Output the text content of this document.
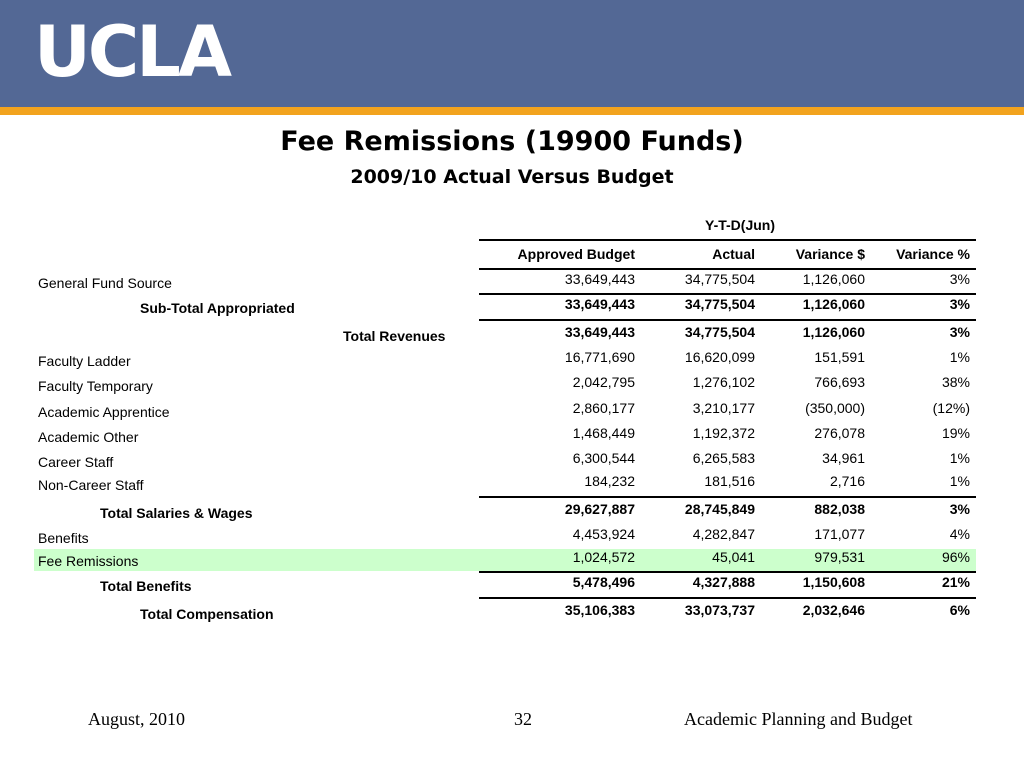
UCLA
Fee Remissions (19900 Funds)
2009/10 Actual Versus Budget
Y-T-D(Jun)
Approved Budget	Actual	Variance $ Variance %
General Fund Source	33,649,443	34,775,504	1,126,060	3%
Sub-Total Appropriated	33,649,443	34,775,504	1,126,060	3%
Total Revenues	33,649,443	34,775,504	1,126,060	3%
Faculty Ladder	16,771,690	16,620,099	151,591	1%
Faculty Temporary	2,042,795	1,276,102	766,693	38%
Academic Apprentice	2,860,177	3,210,177	(350,000)	(12%)
Academic Other	1,468,449	1,192,372	276,078	19%
Career Staff	6,300,544	6,265,583	34,961	1%
Non-Career Staff	184,232	181,516	2,716	1%
Total Salaries & Wages	29,627,887	28,745,849	882,038	3%
Benefits	4,453,924	4,282,847	171,077	4%
Fee Remissions	1,024,572	45,041	979,531	96%
Total Benefits	5,478,496	4,327,888	1,150,608	21%
Total Compensation	35,106,383	33,073,737	2,032,646	6%
August, 2010	32	Academic Planning and Budget
